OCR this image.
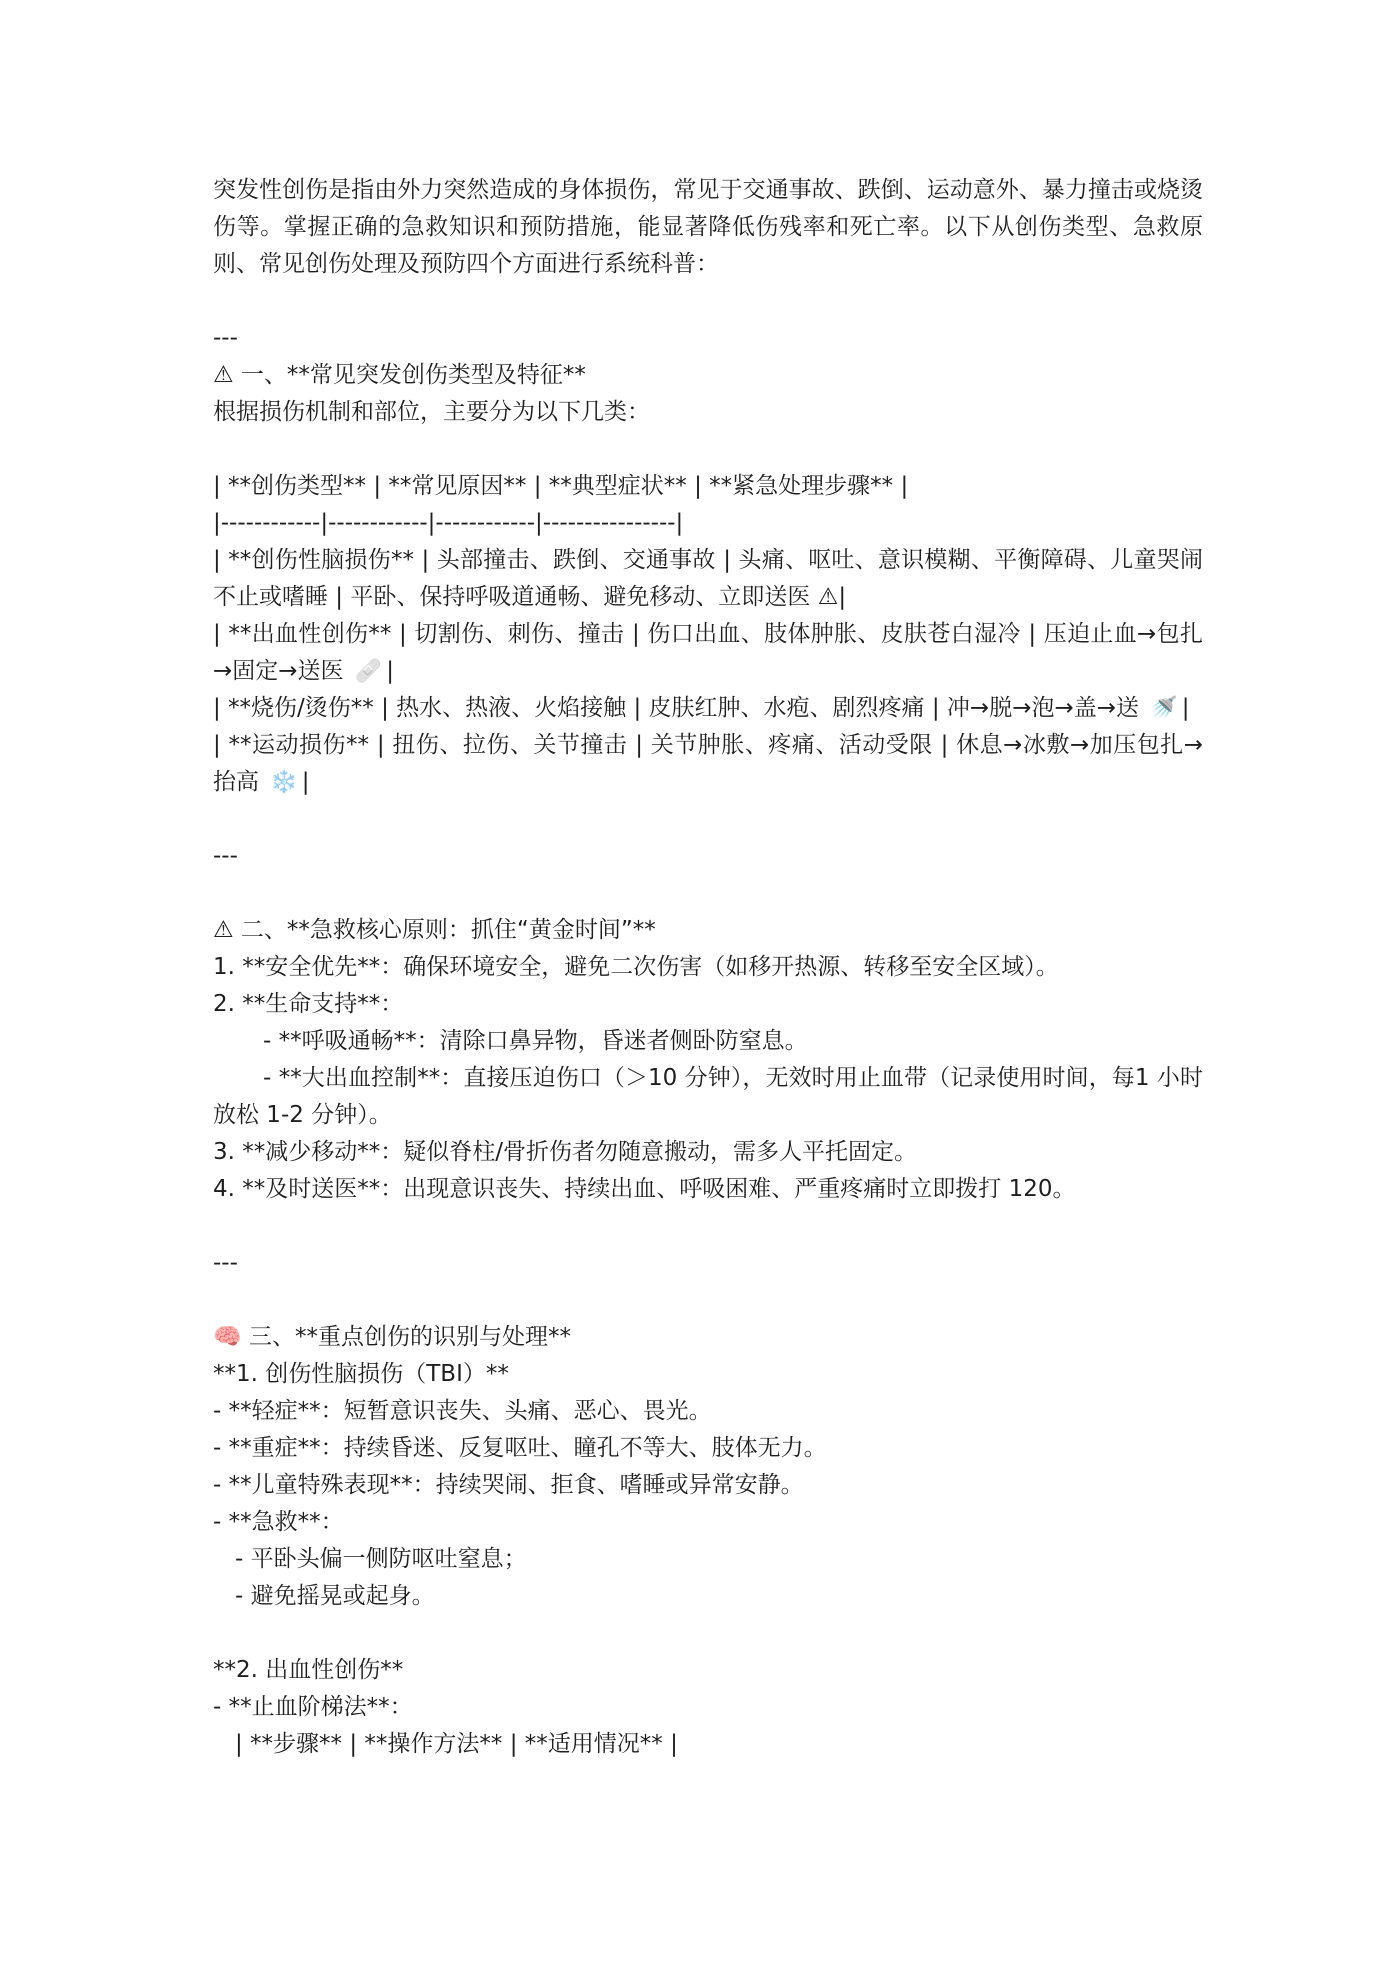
突发性创伤是指由外力突然造成的身体损伤，常见于交通事故、跌倒、运动意外、暴力撞击或烧烫伤等。掌握正确的急救知识和预防措施，能显著降低伤残率和死亡率。以下从创伤类型、急救原则、常见创伤处理及预防四个方面进行系统科普：

---

⚠ 一、**常见突发创伤类型及特征**

根据损伤机制和部位，主要分为以下几类：

| **创伤类型** | **常见原因** | **典型症状** | **紧急处理步骤** |

|------------|------------|------------|----------------|

| **创伤性脑损伤** | 头部撞击、跌倒、交通事故 | 头痛、呕吐、意识模糊、平衡障碍、儿童哭闹不止或嗜睡 | 平卧、保持呼吸道通畅、避免移动、立即送医 ⚠|

| **出血性创伤** | 切割伤、刺伤、撞击 | 伤口出血、肢体肿胀、皮肤苍白湿冷 | 压迫止血→包扎→固定→送医 🩹 |

| **烧伤/烫伤** | 热水、热液、火焰接触 | 皮肤红肿、水疱、剧烈疼痛 | 冲→脱→泡→盖→送 🚿 |

| **运动损伤** | 扭伤、拉伤、关节撞击 | 关节肿胀、疼痛、活动受限 | 休息→冰敷→加压包扎→抬高 ❄️ |

---

⚠ 二、**急救核心原则：抓住“黄金时间”**

1. **安全优先**：确保环境安全，避免二次伤害（如移开热源、转移至安全区域）。

2. **生命支持**：

- **呼吸通畅**：清除口鼻异物，昏迷者侧卧防窒息。

- **大出血控制**：直接压迫伤口（＞10 分钟），无效时用止血带（记录使用时间，每1 小时放松 1-2 分钟）。

3. **减少移动**：疑似脊柱/骨折伤者勿随意搬动，需多人平托固定。

4. **及时送医**：出现意识丧失、持续出血、呼吸困难、严重疼痛时立即拨打 120。

---

🧠 三、**重点创伤的识别与处理**

**1. 创伤性脑损伤（TBI）**

- **轻症**：短暂意识丧失、头痛、恶心、畏光。

- **重症**：持续昏迷、反复呕吐、瞳孔不等大、肢体无力。

- **儿童特殊表现**：持续哭闹、拒食、嗜睡或异常安静。

- **急救**：

- 平卧头偏一侧防呕吐窒息；

- 避免摇晃或起身。

**2. 出血性创伤**

- **止血阶梯法**：

| **步骤** | **操作方法** | **适用情况** |
